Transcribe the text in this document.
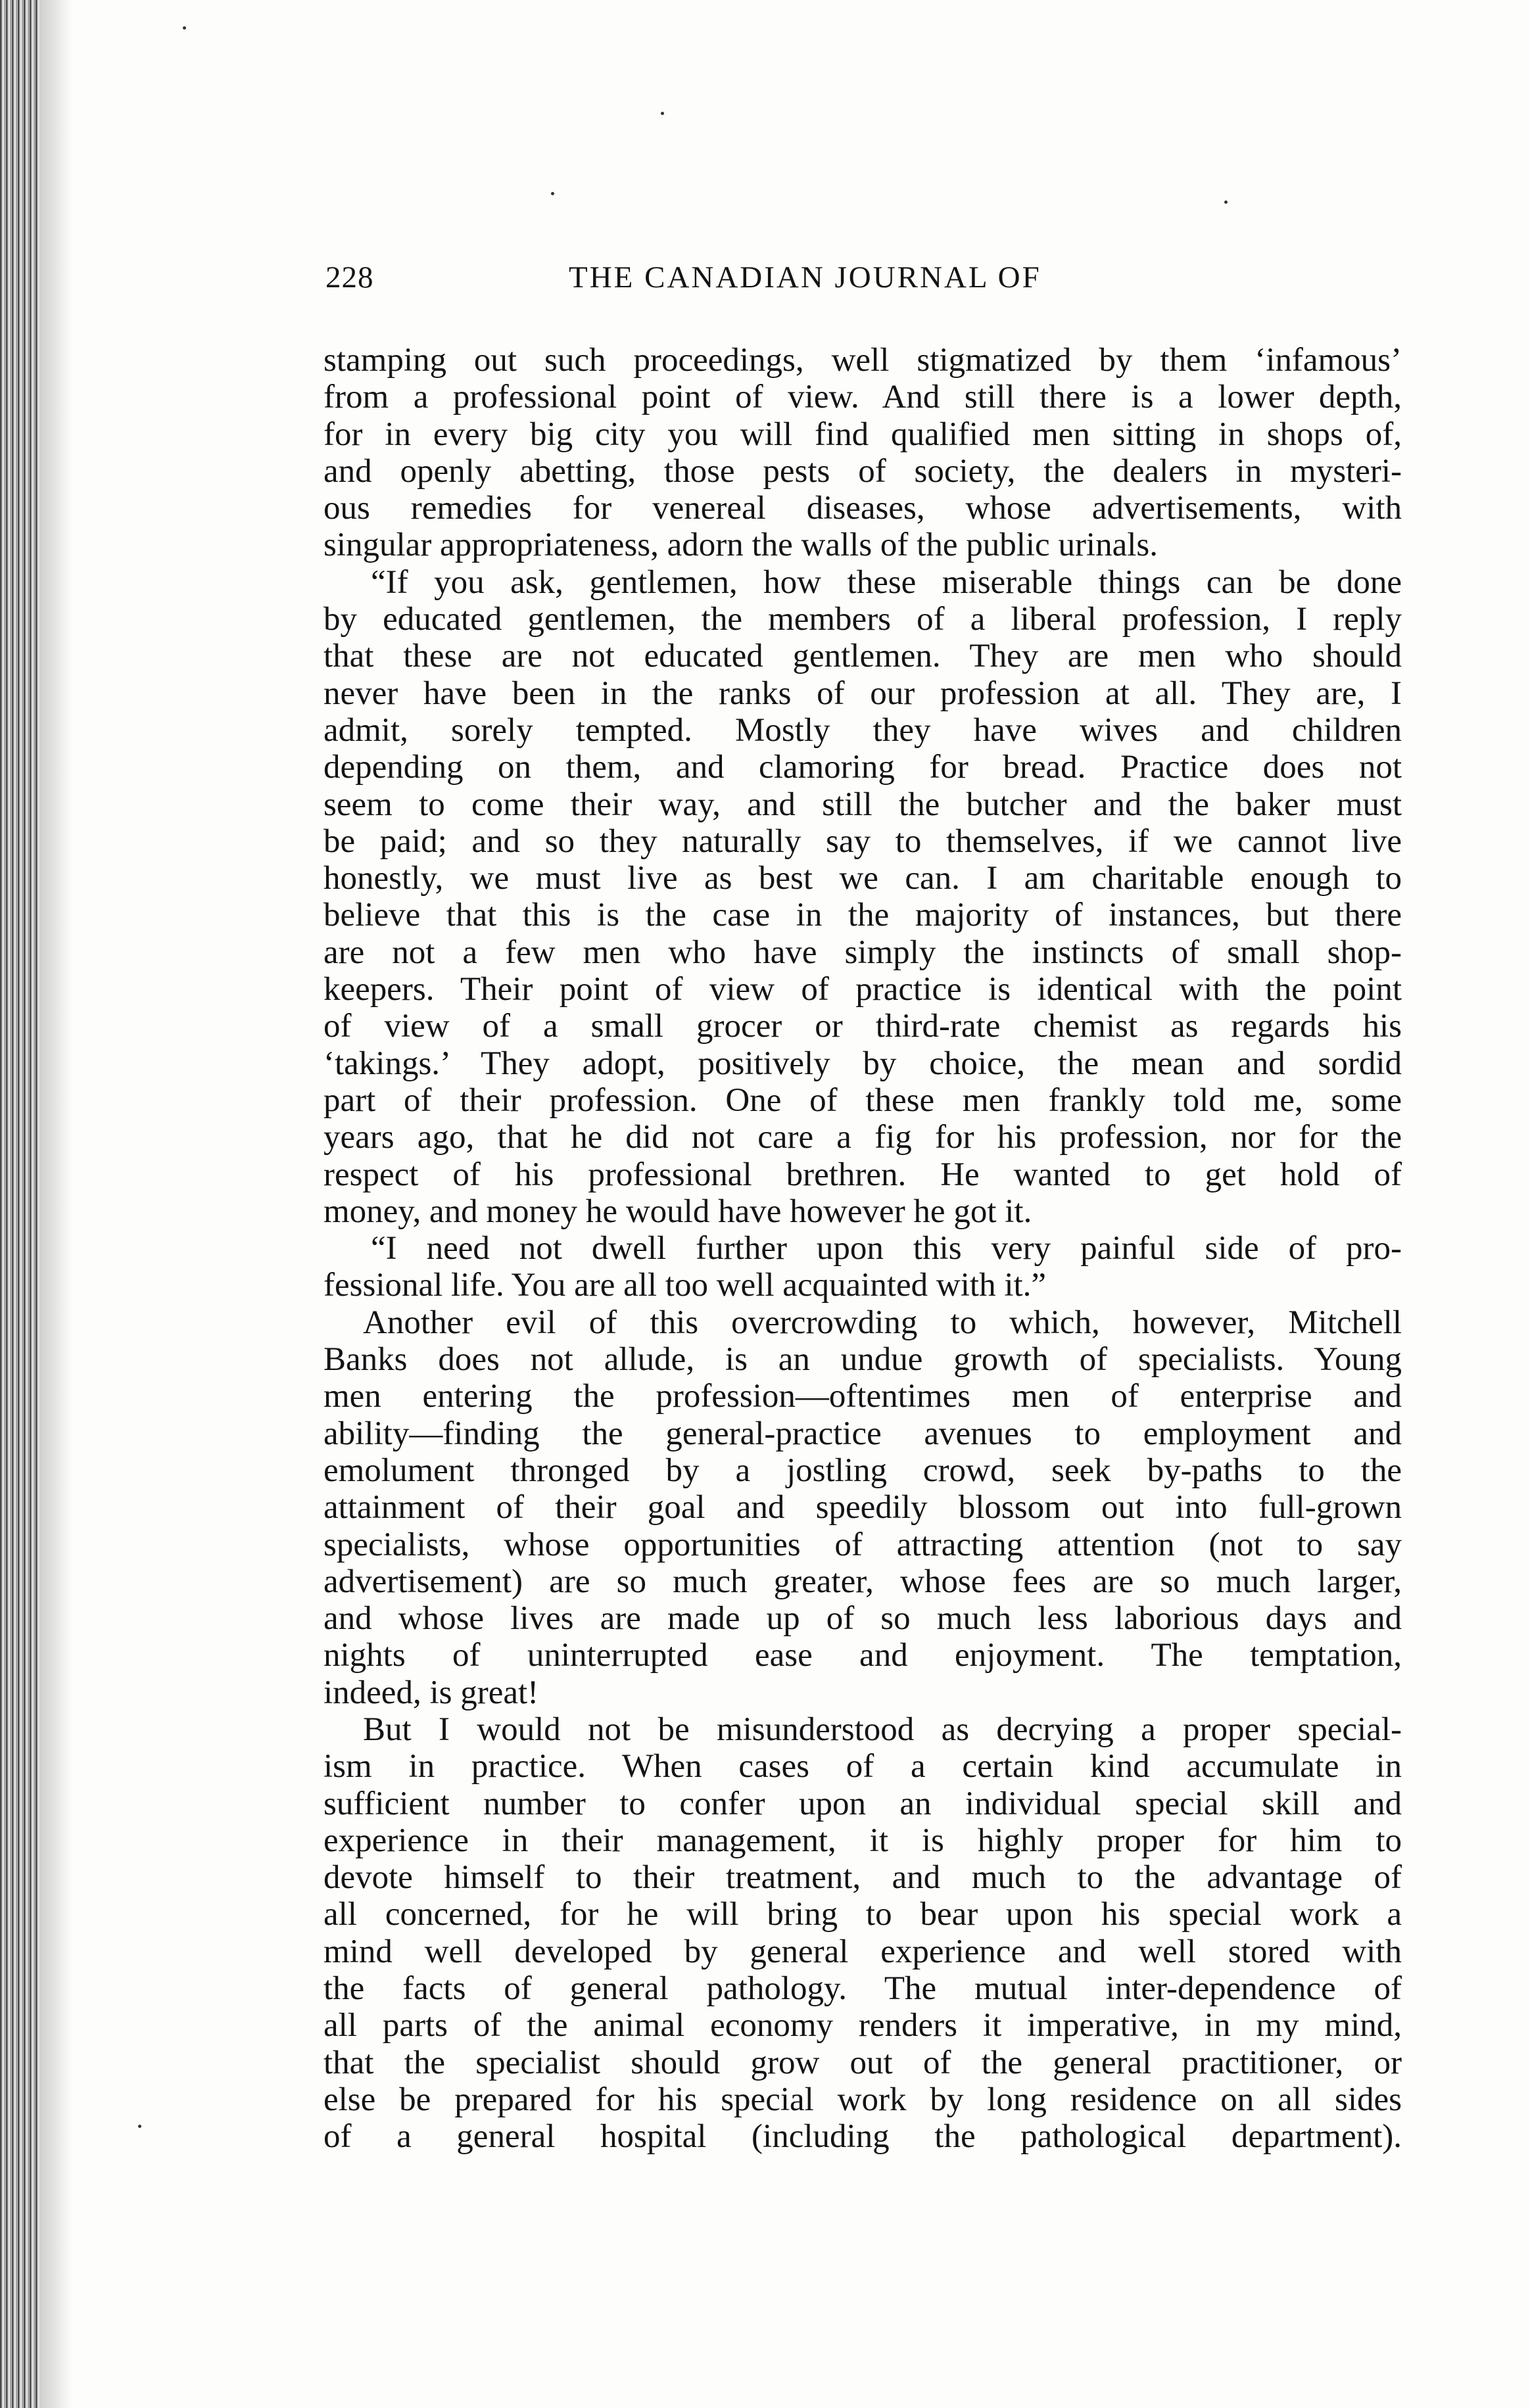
228	THE CANADIAN JOURNAL OF
stamping out such proceedings, well stigmatized by them ‘infamous’
from a professional point of view. And still there is a lower depth,
for in every big city you will find qualified men sitting in shops of,
and openly abetting, those pests of society, the dealers in mysteri-
ous remedies for venereal diseases, whose advertisements, with
singular appropriateness, adorn the walls of the public urinals.
“If you ask, gentlemen, how these miserable things can be done
by educated gentlemen, the members of a liberal profession, I reply
that these are not educated gentlemen. They are men who should
never have been in the ranks of our profession at all. They are, I
admit, sorely tempted. Mostly they have wives and children
depending on them, and clamoring for bread. Practice does not
seem to come their way, and still the butcher and the baker must
be paid; and so they naturally say to themselves, if we cannot live
honestly, we must live as best we can. I am charitable enough to
believe that this is the case in the majority of instances, but there
are not a few men who have simply the instincts of small shop-
keepers. Their point of view of practice is identical with the point
of view of a small grocer or third-rate chemist as regards his
‘takings.’ They adopt, positively by choice, the mean and sordid
part of their profession. One of these men frankly told me, some
years ago, that he did not care a fig for his profession, nor for the
respect of his professional brethren. He wanted to get hold of
money, and money he would have however he got it.
“I need not dwell further upon this very painful side of pro-
fessional life. You are all too well acquainted with it.”
Another evil of this overcrowding to which, however, Mitchell
Banks does not allude, is an undue growth of specialists. Young
men entering the profession—oftentimes men of enterprise and
ability—finding the general-practice avenues to employment and
emolument thronged by a jostling crowd, seek by-paths to the
attainment of their goal and speedily blossom out into full-grown
specialists, whose opportunities of attracting attention (not to say
advertisement) are so much greater, whose fees are so much larger,
and whose lives are made up of so much less laborious days and
nights of uninterrupted ease and enjoyment. The temptation,
indeed, is great!
But I would not be misunderstood as decrying a proper special-
ism in practice. When cases of a certain kind accumulate in
sufficient number to confer upon an individual special skill and
experience in their management, it is highly proper for him to
devote himself to their treatment, and much to the advantage of
all concerned, for he will bring to bear upon his special work a
mind well developed by general experience and well stored with
the facts of general pathology. The mutual inter-dependence of
all parts of the animal economy renders it imperative, in my mind,
that the specialist should grow out of the general practitioner, or
else be prepared for his special work by long residence on all sides
of a general hospital (including the pathological department).
